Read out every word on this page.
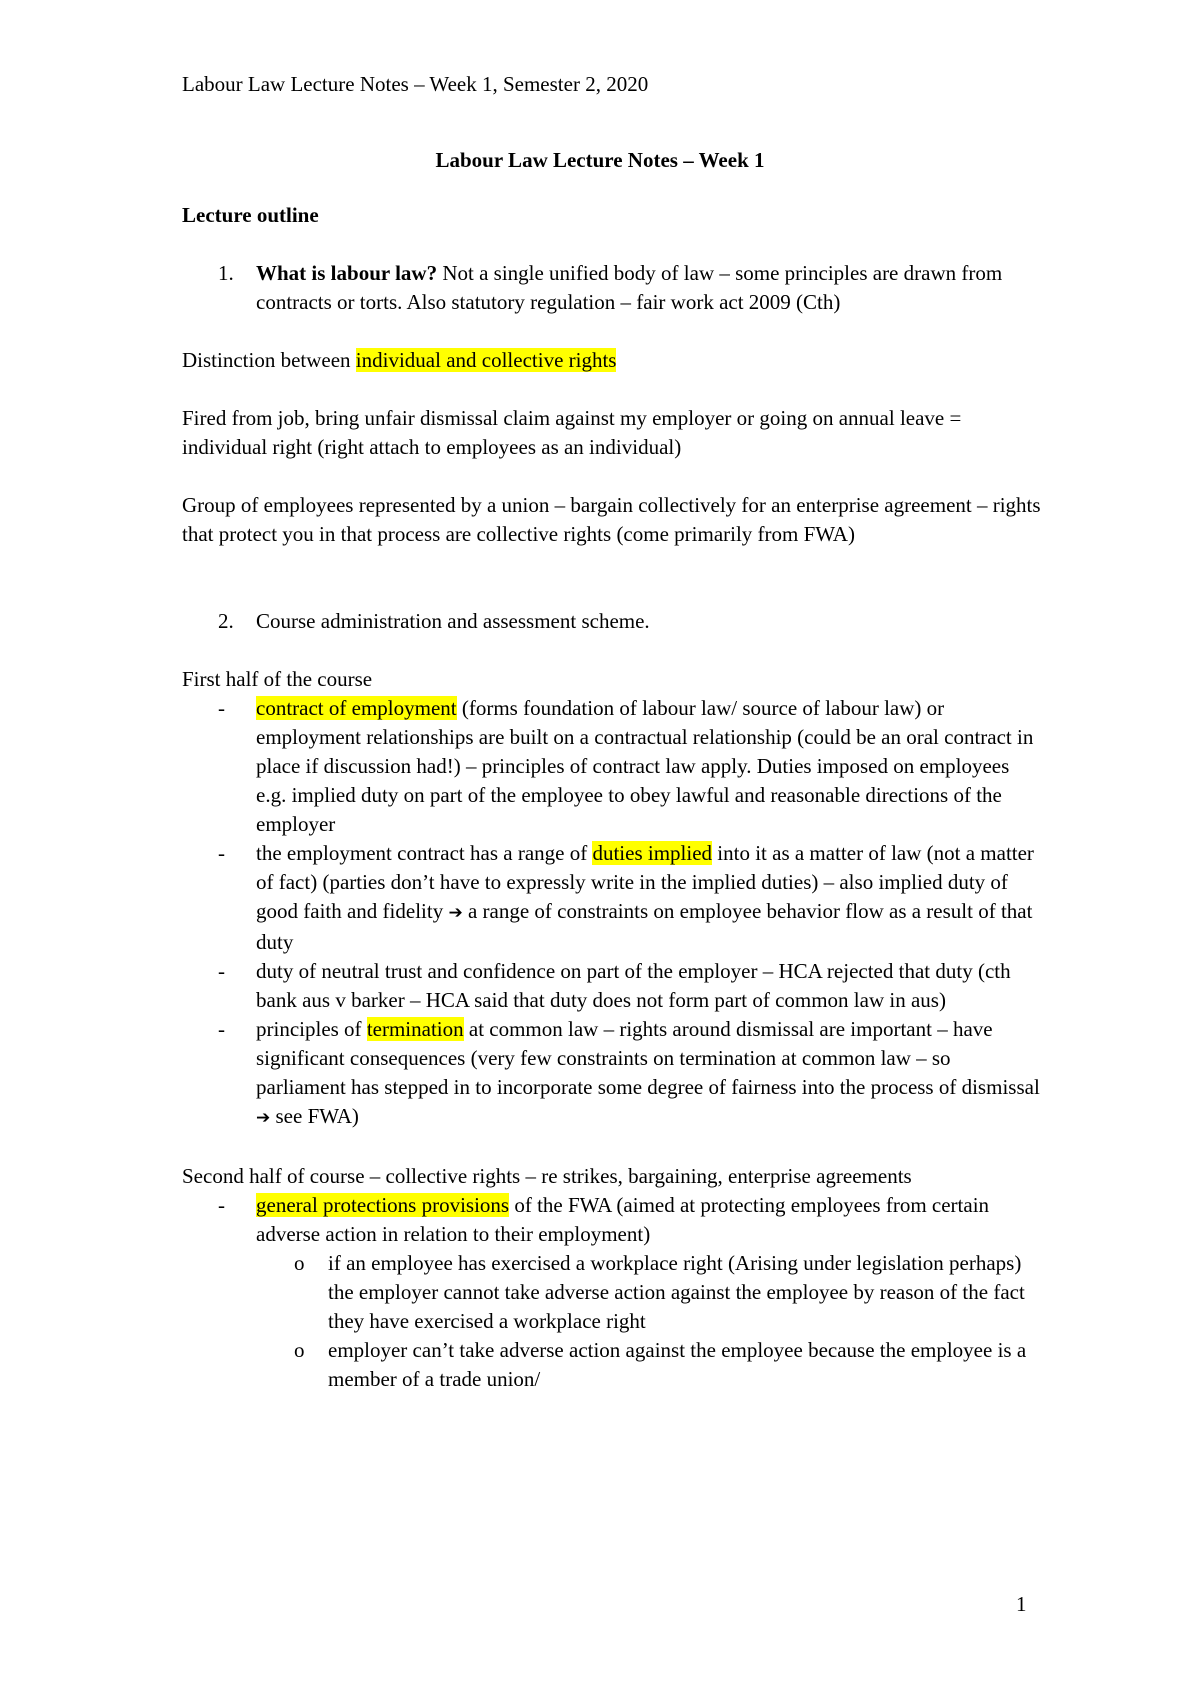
Labour Law Lecture Notes – Week 1, Semester 2, 2020
Labour Law Lecture Notes – Week 1

Lecture outline

1. What is labour law? Not a single unified body of law – some principles are drawn from contracts or torts. Also statutory regulation – fair work act 2009 (Cth)

Distinction between individual and collective rights

Fired from job, bring unfair dismissal claim against my employer or going on annual leave = individual right (right attach to employees as an individual)

Group of employees represented by a union – bargain collectively for an enterprise agreement – rights that protect you in that process are collective rights (come primarily from FWA)

2. Course administration and assessment scheme.

First half of the course

- contract of employment (forms foundation of labour law/ source of labour law) or employment relationships are built on a contractual relationship (could be an oral contract in place if discussion had!) – principles of contract law apply. Duties imposed on employees e.g. implied duty on part of the employee to obey lawful and reasonable directions of the employer
- the employment contract has a range of duties implied into it as a matter of law (not a matter of fact) (parties don’t have to expressly write in the implied duties) – also implied duty of good faith and fidelity ➔ a range of constraints on employee behavior flow as a result of that duty
- duty of neutral trust and confidence on part of the employer – HCA rejected that duty (cth bank aus v barker – HCA said that duty does not form part of common law in aus)
- principles of termination at common law – rights around dismissal are important – have significant consequences (very few constraints on termination at common law – so parliament has stepped in to incorporate some degree of fairness into the process of dismissal ➔ see FWA)

Second half of course – collective rights – re strikes, bargaining, enterprise agreements

- general protections provisions of the FWA (aimed at protecting employees from certain adverse action in relation to their employment)
o if an employee has exercised a workplace right (Arising under legislation perhaps) the employer cannot take adverse action against the employee by reason of the fact they have exercised a workplace right
o employer can’t take adverse action against the employee because the employee is a member of a trade union/
1
